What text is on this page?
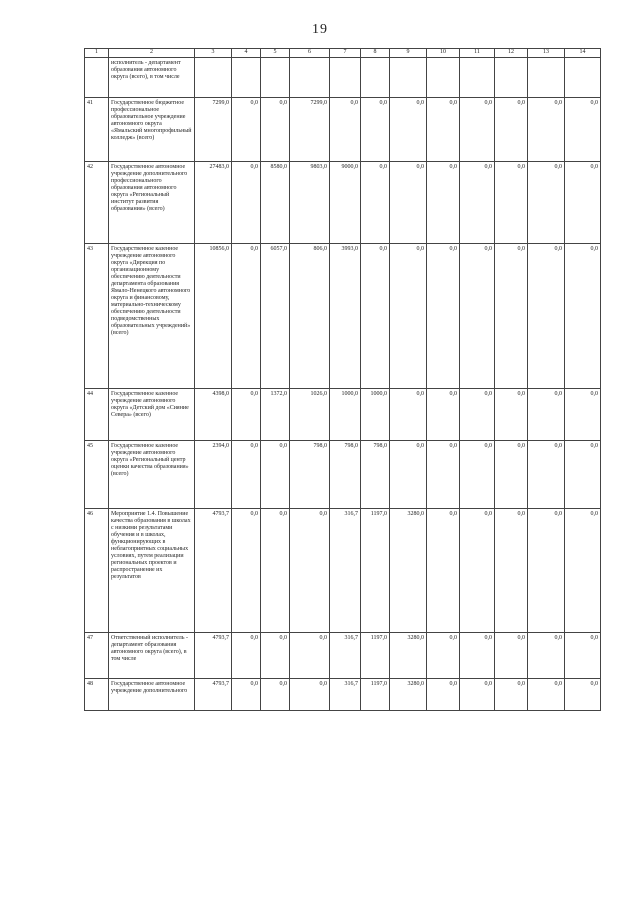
19
1	2	3	4	5	6	7	8	9	10	11	12	13	14
	исполнитель - департамент образования автономного округа (всего), в том числе												
41	Государственное бюджетное профессиональное образовательное учреждение автономного округа «Ямальский многопрофильный колледж» (всего)	7299,0	0,0	0,0	7299,0	0,0	0,0	0,0	0,0	0,0	0,0	0,0	0,0
42	Государственное автономное учреждение дополнительного профессионального образования автономного округа «Региональный институт развития образования» (всего)	27483,0	0,0	8580,0	9803,0	9000,0	0,0	0,0	0,0	0,0	0,0	0,0	0,0
43	Государственное казенное учреждение автономного округа «Дирекция по организационному обеспечению деятельности департамента образования Ямало-Ненецкого автономного округа и финансовому, материально-техническому обеспечению деятельности подведомственных образовательных учреждений» (всего)	10856,0	0,0	6057,0	806,0	3993,0	0,0	0,0	0,0	0,0	0,0	0,0	0,0
44	Государственное казенное учреждение автономного округа «Детский дом «Сияние Севера» (всего)	4398,0	0,0	1372,0	1026,0	1000,0	1000,0	0,0	0,0	0,0	0,0	0,0	0,0
45	Государственное казенное учреждение автономного округа «Региональный центр оценки качества образования» (всего)	2394,0	0,0	0,0	798,0	798,0	798,0	0,0	0,0	0,0	0,0	0,0	0,0
46	Мероприятие 1.4. Повышение качества образования в школах с низкими результатами обучения и в школах, функционирующих в неблагоприятных социальных условиях, путем реализации региональных проектов и распространение их результатов	4793,7	0,0	0,0	0,0	316,7	1197,0	3280,0	0,0	0,0	0,0	0,0	0,0
47	Ответственный исполнитель - департамент образования автономного округа (всего), в том числе	4793,7	0,0	0,0	0,0	316,7	1197,0	3280,0	0,0	0,0	0,0	0,0	0,0
48	Государственное автономное учреждение дополнительного	4793,7	0,0	0,0	0,0	316,7	1197,0	3280,0	0,0	0,0	0,0	0,0	0,0
